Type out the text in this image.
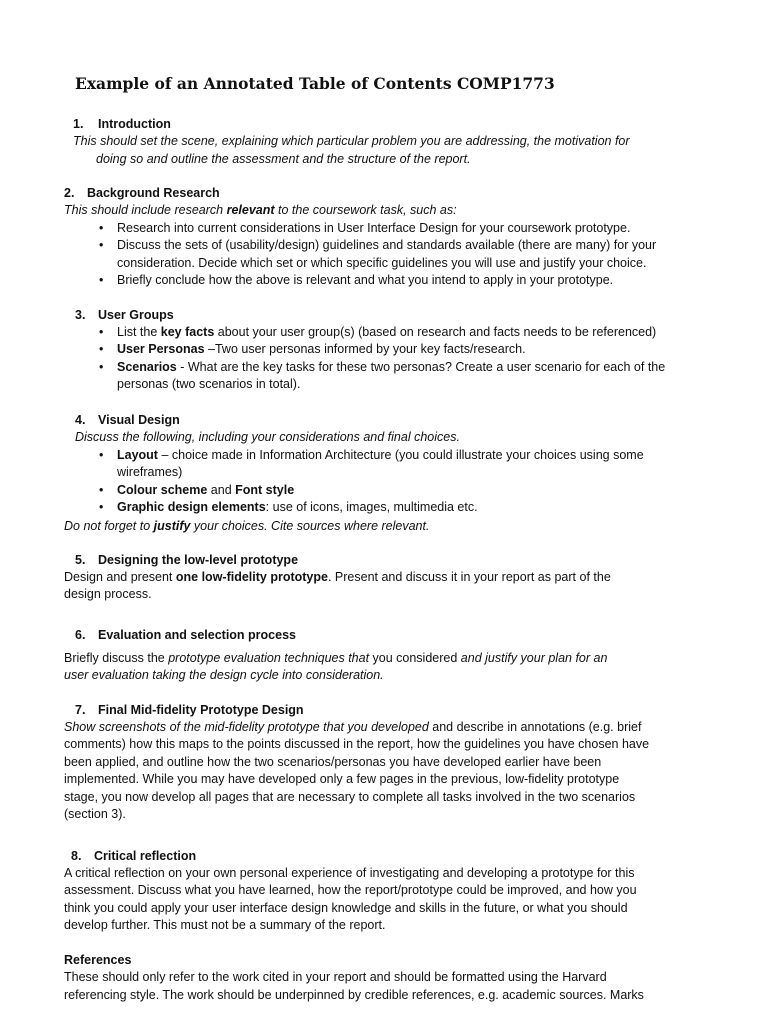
Example of an Annotated Table of Contents COMP1773
1. Introduction
This should set the scene, explaining which particular problem you are addressing, the motivation for
doing so and outline the assessment and the structure of the report.
2. Background Research
This should include research relevant to the coursework task, such as:
• Research into current considerations in User Interface Design for your coursework prototype.
• Discuss the sets of (usability/design) guidelines and standards available (there are many) for your
consideration. Decide which set or which specific guidelines you will use and justify your choice.
• Briefly conclude how the above is relevant and what you intend to apply in your prototype.
3. User Groups
• List the key facts about your user group(s) (based on research and facts needs to be referenced)
• User Personas –Two user personas informed by your key facts/research.
• Scenarios - What are the key tasks for these two personas? Create a user scenario for each of the
personas (two scenarios in total).
4. Visual Design
Discuss the following, including your considerations and final choices.
• Layout – choice made in Information Architecture (you could illustrate your choices using some
wireframes)
• Colour scheme and Font style
• Graphic design elements: use of icons, images, multimedia etc.
Do not forget to justify your choices. Cite sources where relevant.
5. Designing the low-level prototype
Design and present one low-fidelity prototype. Present and discuss it in your report as part of the
design process.
6. Evaluation and selection process
Briefly discuss the prototype evaluation techniques that you considered and justify your plan for an
user evaluation taking the design cycle into consideration.
7. Final Mid-fidelity Prototype Design
Show screenshots of the mid-fidelity prototype that you developed and describe in annotations (e.g. brief
comments) how this maps to the points discussed in the report, how the guidelines you have chosen have
been applied, and outline how the two scenarios/personas you have developed earlier have been
implemented. While you may have developed only a few pages in the previous, low-fidelity prototype
stage, you now develop all pages that are necessary to complete all tasks involved in the two scenarios
(section 3).
8. Critical reflection
A critical reflection on your own personal experience of investigating and developing a prototype for this
assessment. Discuss what you have learned, how the report/prototype could be improved, and how you
think you could apply your user interface design knowledge and skills in the future, or what you should
develop further. This must not be a summary of the report.
References
These should only refer to the work cited in your report and should be formatted using the Harvard
referencing style. The work should be underpinned by credible references, e.g. academic sources. Marks
